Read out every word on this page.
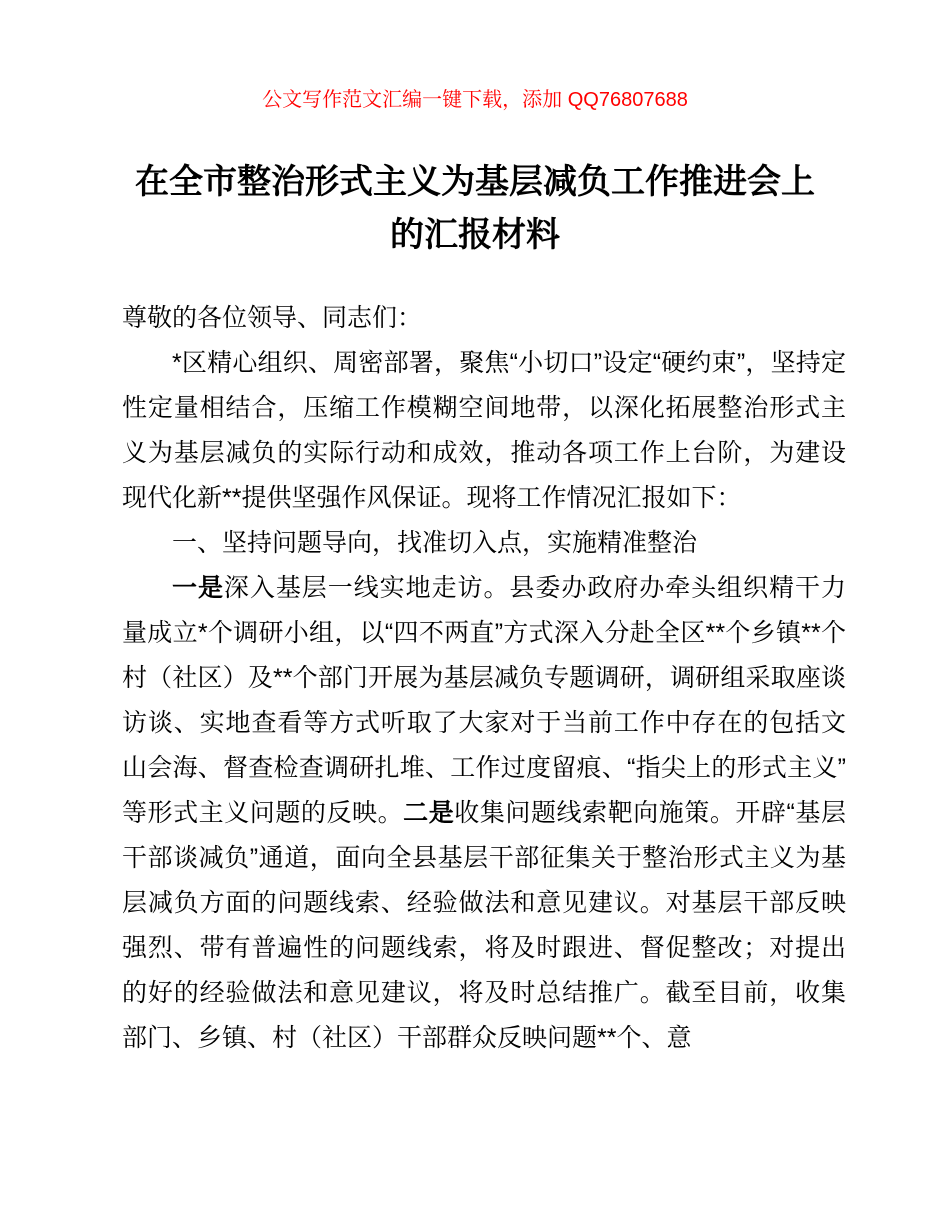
公文写作范文汇编一键下载，添加 QQ76807688
在全市整治形式主义为基层减负工作推进会上
的汇报材料

尊敬的各位领导、同志们：

*区精心组织、周密部署，聚焦“小切口”设定“硬约束”，坚持定性定量相结合，压缩工作模糊空间地带，以深化拓展整治形式主义为基层减负的实际行动和成效，推动各项工作上台阶，为建设现代化新**提供坚强作风保证。现将工作情况汇报如下：

一、坚持问题导向，找准切入点，实施精准整治

一是深入基层一线实地走访。县委办政府办牵头组织精干力量成立*个调研小组，以“四不两直”方式深入分赴全区**个乡镇**个村（社区）及**个部门开展为基层减负专题调研，调研组采取座谈访谈、实地查看等方式听取了大家对于当前工作中存在的包括文山会海、督查检查调研扎堆、工作过度留痕、“指尖上的形式主义”等形式主义问题的反映。二是收集问题线索靶向施策。开辟“基层干部谈减负”通道，面向全县基层干部征集关于整治形式主义为基层减负方面的问题线索、经验做法和意见建议。对基层干部反映强烈、带有普遍性的问题线索，将及时跟进、督促整改；对提出的好的经验做法和意见建议，将及时总结推广。截至目前，收集部门、乡镇、村（社区）干部群众反映问题**个、意
